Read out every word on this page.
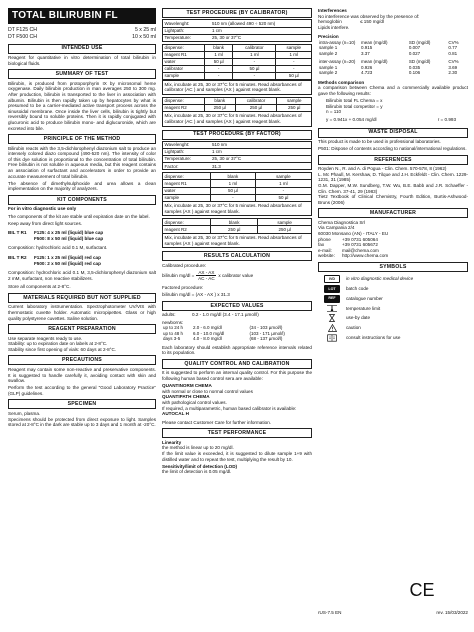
TOTAL BILIRUBIN FL
DT F125 CH	5 x 25 ml
DT F500 CH	10 x 50 ml
INTENDED USE
Reagent for quantitative in vitro determination of total bilirubin in biological fluids.
SUMMARY OF TEST
Bilirubin, is produced from protoporphyrin IX by microsomal heme oxygenase. Daily bilirubin production in man averages 250 to 300 mg. After production, bilirubin is transported to the liver in association with albumin. Bilirubin is then rapidly taken up by hepatocytes by what is presumed to be a carrier-mediated active transport process across the sinusoidal membrane. Once inside the liver cells, bilirubin is tightly but reversibly bound to soluble proteins. Then it is rapidly conjugated with glucuronic acid to produce bilirubin mono- and diglucuronide, which are excreted into bile.
PRINCIPLE OF THE METHOD
Bilirubin reacts with the 3,5-dichlorophenyl diazonium salt to produce an intensely colored diazo compound (490-520 nm). The intensity of color of this dye solution is proportional to the concentration of total bilirubin. Free bilirubin is not soluble in aqueous media, but this reagent contains an association of surfactant and accelerators in order to provide an accurate measurement of total bilirubin.
The absence of dimethylsulphoxide and urea allows a clean implementation on the majority of analyzers.
KIT COMPONENTS
For in vitro diagnostic use only
The components of the kit are stable until expiration date on the label.
Keep away from direct light sources.
BIL T R1	F125: 4 x 25 ml (liquid) blue cap
F500: 8 x 50 ml (liquid) blue cap
Composition: hydrochloric acid 0.1 M, surfactant.
BIL T R2	F125: 1 x 25 ml (liquid) red cap
F500: 2 x 50 ml (liquid) red cap
Composition: hydrochloric acid 0.1 M, 3,5-dichlorophenyl diazonium salt 2 mM, surfactant, non reactive stabilizers.
Store all components at 2-8°C.
MATERIALS REQUIRED BUT NOT SUPPLIED
Current laboratory instrumentation. Spectrophotometer UV/VIS with thermostatic cuvette holder. Automatic micropipettes. Glass or high quality polystyrene cuvettes. Saline solution.
REAGENT PREPARATION
Use separate reagents ready to use.
Stability: up to expiration date on labels at 2-8°C.
Stability since first opening of vials: 60 days at 2-8°C.
PRECAUTIONS
Reagent may contain some non-reactive and preservative components. It is suggested to handle carefully it, avoiding contact with skin and swallow.
Perform the test according to the general "Good Laboratory Practice" (GLP) guidelines.
SPECIMEN
Serum, plasma.
Specimens should be protected from direct exposure to light. Samples stored at 2-8°C in the dark are stable up to 3 days and 1 month at -20°C.
TEST PROCEDURE (BY CALIBRATOR)
Wavelenght:	510 nm (allowed 490 ÷ 520 nm)
Lightpath:	1 cm
Temperature:	25, 30 or 37°C
dispense:	blank	calibrator	sample
reagent R1	1 ml	1 ml	1 ml
water	50 µl	-	-
calibrator	-	50 µl	-
sample	-	-	50 µl
Mix, incubate at 25, 30 or 37°C for 5 minutes. Read absorbances of calibrator (AC ) and samples (AX ) against reagent blank.
dispense:	blank	calibrator	sample
reagent R2	250 µl	250 µl	250 µl
Mix, incubate at 25, 30 or 37°C for 5 minutes. Read absorbances of calibrator (AC ) and samples (AX ) against reagent blank.
TEST PROCEDURE (BY FACTOR)
Wavelenght:	510 nm
Lightpath:	1 cm
Temperature:	25, 30 or 37°C
Factor:	31.3
dispense:	blank	sample
reagent R1	1 ml	1 ml
water	50 µl	-
sample	-	50 µl
Mix, incubate at 25, 30 or 37°C for 5 minutes. Read absorbances of samples (AX ) against reagent blank.
dispense:	blank	sample
reagent R2	250 µl	250 µl
Mix, incubate at 25, 30 or 37°C for 5 minutes. Read absorbances of samples (AX ) against reagent blank.
RESULTS CALCULATION
Calibrated procedure:
bilirubin $mg/dl = \frac{AX - AX}{AC - AC}$ x calibrator value
Factored procedure:
bilirubin mg/dl = (AX - AX ) x 31.3
EXPECTED VALUES
adults:	0.2 - 1.0 mg/dl (3.4 - 17.1 µmol/l)
newborns:
up to 24 h	2.0 - 6.0 mg/dl	(34 - 103 µmol/l)
up to 48 h	6.0 - 10.0 mg/dl	(103 - 171 µmol/l)
days 3-5	4.0 - 8.0 mg/dl	(68 - 137 µmol/l)
Each laboratory should establish appropriate reference intervals related to its population.
QUALITY CONTROL AND CALIBRATION
It is suggested to perform an internal quality control. For this purpose the following human based control sera are available:
QUANTINORM CHEMA
with normal or close to normal control values
QUANTIPATH CHEMA
with pathological control values.
If required, a multiparametric, human based calibrator is available:
AUTOCAL H
Please contact Customer Care for further information.
TEST PERFORMANCE
Linearity
the method is linear up to 20 mg/dl.
If the limit value is exceeded, it is suggested to dilute sample 1+9 with distilled water and to repeat the test, multiplying the result by 10.
Sensitivity/limit of detection (LOD)
the limit of detection is 0.05 mg/dl.
Interferences
No interference was observed by the presence of:
hemoglobin	≤ 150 mg/dl
Lipids interfere.
Precision
intra-assay (n=10)	mean (mg/dl)	SD (mg/dl)	CV%
sample 1	0.915	0.007	0.77
sample 2	3.37	0.027	0.81
inter-assay (n=20)	mean (mg/dl)	SD (mg/dl)	CV%
sample 1	0.926	0.035	3.69
sample 2	4.723	0.106	2.30
Methods comparison
a comparison between Chema and a commercially available product gave the following results:
Bilirubin total FL Chema = x
Bilirubin total competitor = y
n = 110
y = 0.941x + 0.054 mg/dl	r = 0.993
WASTE DISPOSAL
This product is made to be used in professional laboratories.
P501: Dispose of contents according to national/international regulations.
REFERENCES
Royden N., R. and A. di Pogua - Clin. Chem. 570-578, 8 (1962)
L. Mc Phaull, M. Kershaw, D. Tilque and J.H. Eckfeldt - Clin. Chem. 1229-1231, 31 (1985)
G.M. Dapper, M.W. Sundberg, T.W. Wu, B.E. Babb and J.R. Schaeffer - Clin. Chem. 37-41, 29 (1983)
Tietz Textbook of Clinical Chemistry, Fourth Edition, Burtis-Ashwood-Bruns (2006)
MANUFACTURER
Chema Diagnostica Srl
Via Campania 2/4
60030 Monsano (AN) - ITALY - EU
phone	+39 0731 605064
fax	+39 0731 605672
e-mail:	mail@chema.com
website:	http://www.chema.com
SYMBOLS
IVD	in vitro diagnostic medical device
LOT	batch code
REF	catalogue number
temperature limit
use-by date
caution
consult instructions for use
CE
rUS-7.5 EN	rev. 15/03/2022
